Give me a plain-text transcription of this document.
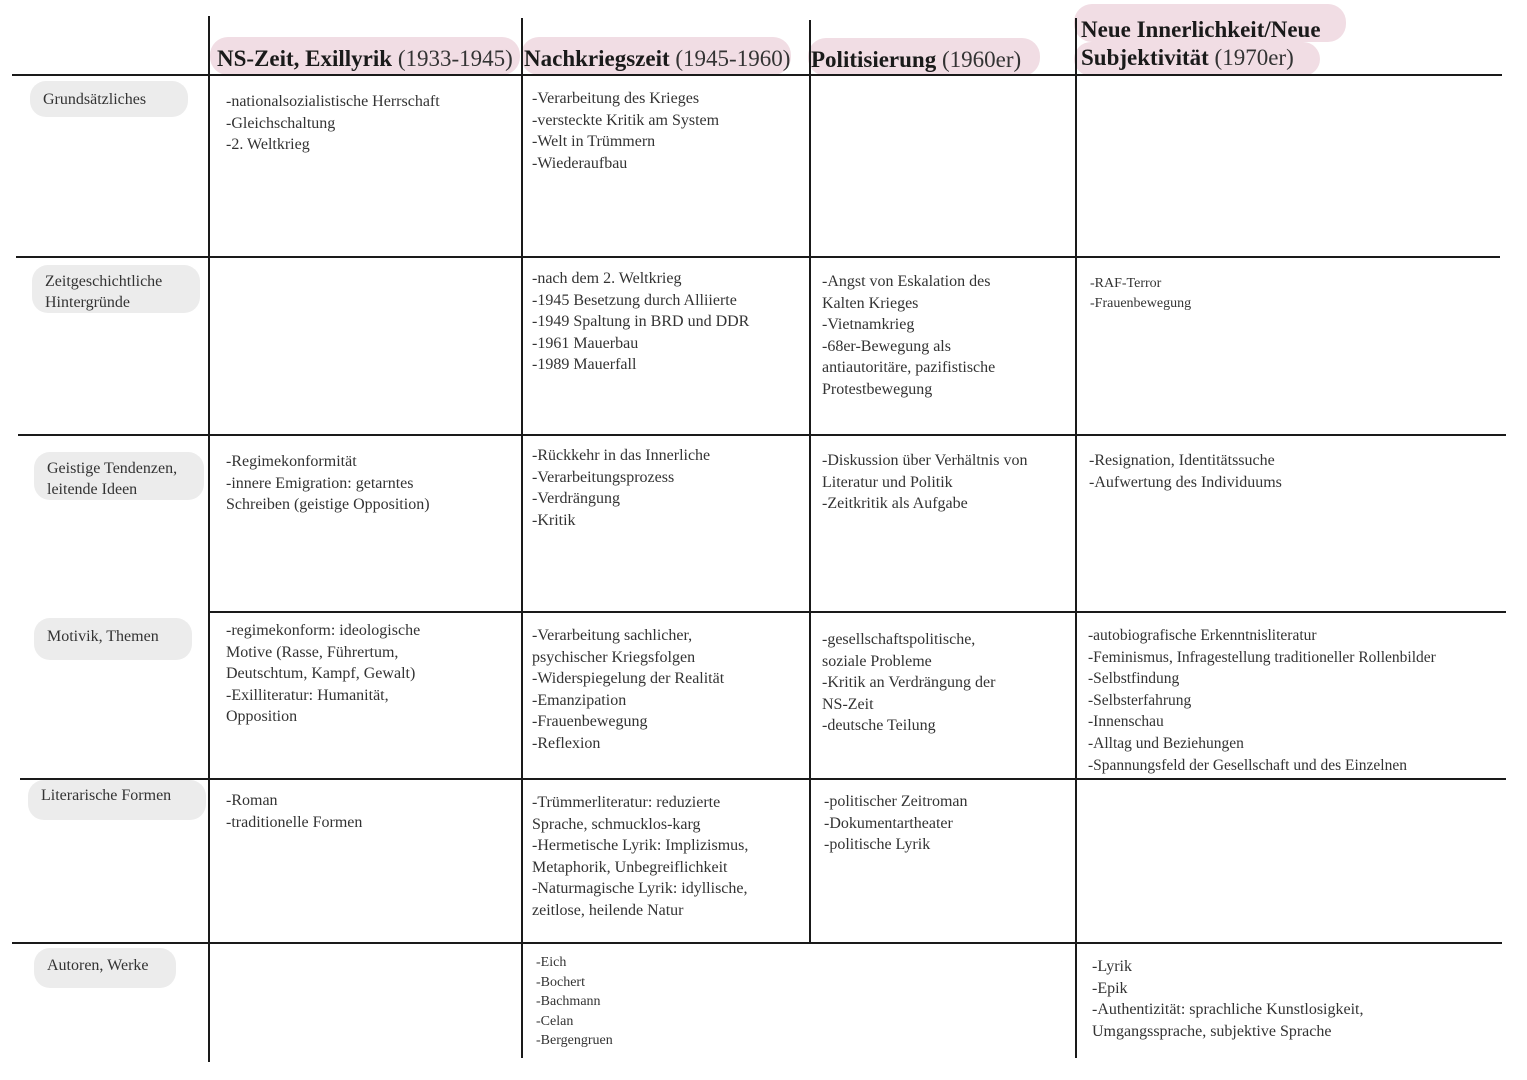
NS-Zeit, Exillyrik (1933-1945) Nachkriegszeit (1945-1960) Politisierung (1960er)
Neue Innerlichkeit/Neue
Subjektivität (1970er)
Grundsätzliches
Zeitgeschichtliche
Hintergründe
Geistige Tendenzen,
leitende Ideen
Motivik, Themen
Literarische Formen
Autoren, Werke
-nationalsozialistische Herrschaft
-Gleichschaltung
-2. Weltkrieg
-Verarbeitung des Krieges
-versteckte Kritik am System
-Welt in Trümmern
-Wiederaufbau
-nach dem 2. Weltkrieg
-1945 Besetzung durch Alliierte
-1949 Spaltung in BRD und DDR
-1961 Mauerbau
-1989 Mauerfall
-Angst von Eskalation des
Kalten Krieges
-Vietnamkrieg
-68er-Bewegung als
antiautoritäre, pazifistische
Protestbewegung
-RAF-Terror
-Frauenbewegung
-Regimekonformität
-innere Emigration: getarntes
Schreiben (geistige Opposition)
-Rückkehr in das Innerliche
-Verarbeitungsprozess
-Verdrängung
-Kritik
-Diskussion über Verhältnis von
Literatur und Politik
-Zeitkritik als Aufgabe
-Resignation, Identitätssuche
-Aufwertung des Individuums
-regimekonform: ideologische
Motive (Rasse, Führertum,
Deutschtum, Kampf, Gewalt)
-Exilliteratur: Humanität,
Opposition
-Verarbeitung sachlicher,
psychischer Kriegsfolgen
-Widerspiegelung der Realität
-Emanzipation
-Frauenbewegung
-Reflexion
-gesellschaftspolitische,
soziale Probleme
-Kritik an Verdrängung der
NS-Zeit
-deutsche Teilung
-autobiografische Erkenntnisliteratur
-Feminismus, Infragestellung traditioneller Rollenbilder
-Selbstfindung
-Selbsterfahrung
-Innenschau
-Alltag und Beziehungen
-Spannungsfeld der Gesellschaft und des Einzelnen
-Roman
-traditionelle Formen
-Trümmerliteratur: reduzierte
Sprache, schmucklos-karg
-Hermetische Lyrik: Implizismus,
Metaphorik, Unbegreiflichkeit
-Naturmagische Lyrik: idyllische,
zeitlose, heilende Natur
-politischer Zeitroman
-Dokumentartheater
-politische Lyrik
-Eich
-Bochert
-Bachmann
-Celan
-Bergengruen
-Lyrik
-Epik
-Authentizität: sprachliche Kunstlosigkeit,
Umgangssprache, subjektive Sprache
